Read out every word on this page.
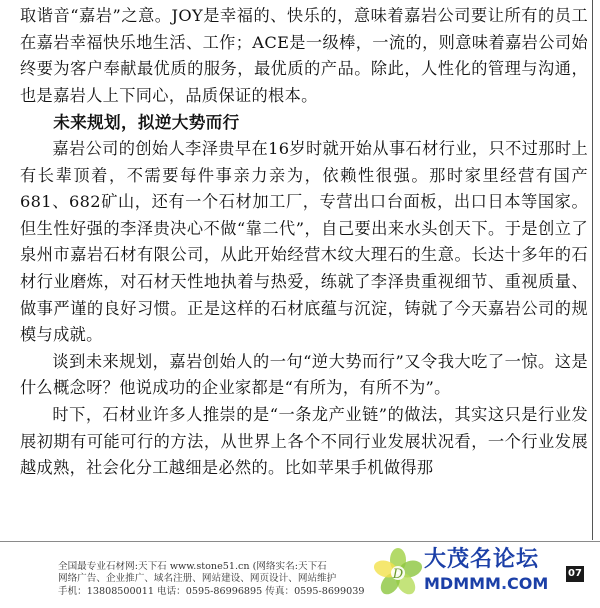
取谐音“嘉岩”之意。JOY是幸福的、快乐的，意味着嘉岩公司要让所有的员工在嘉岩幸福快乐地生活、工作；ACE是一级棒，一流的，则意味着嘉岩公司始终要为客户奉献最优质的服务，最优质的产品。除此，人性化的管理与沟通，也是嘉岩人上下同心，品质保证的根本。

未来规划，拟逆大势而行

嘉岩公司的创始人李泽贵早在16岁时就开始从事石材行业，只不过那时上有长辈顶着，不需要每件事亲力亲为，依赖性很强。那时家里经营有国产681、682矿山，还有一个石材加工厂，专营出口台面板，出口日本等国家。但生性好强的李泽贵决心不做“靠二代”，自己要出来水头创天下。于是创立了泉州市嘉岩石材有限公司，从此开始经营木纹大理石的生意。长达十多年的石材行业磨炼，对石材天性地执着与热爱，练就了李泽贵重视细节、重视质量、做事严谨的良好习惯。正是这样的石材底蕴与沉淀，铸就了今天嘉岩公司的规模与成就。

谈到未来规划，嘉岩创始人的一句“逆大势而行”又令我大吃了一惊。这是什么概念呀？他说成功的企业家都是“有所为，有所不为”。

时下，石材业许多人推崇的是“一条龙产业链”的做法，其实这只是行业发展初期有可能可行的方法，从世界上各个不同行业发展状况看，一个行业发展越成熟，社会化分工越细是必然的。比如苹果手机做得那

全国最专业石材网:天下石 www.stone51.cn (网络实名:天下石
网络广告、企业推广、域名注册、网站建设、网页设计、网站维护
手机：13808500011 电话：0595-86996895 传真：0595-8699039
D
大茂名论坛
MDMMM.COM
07
